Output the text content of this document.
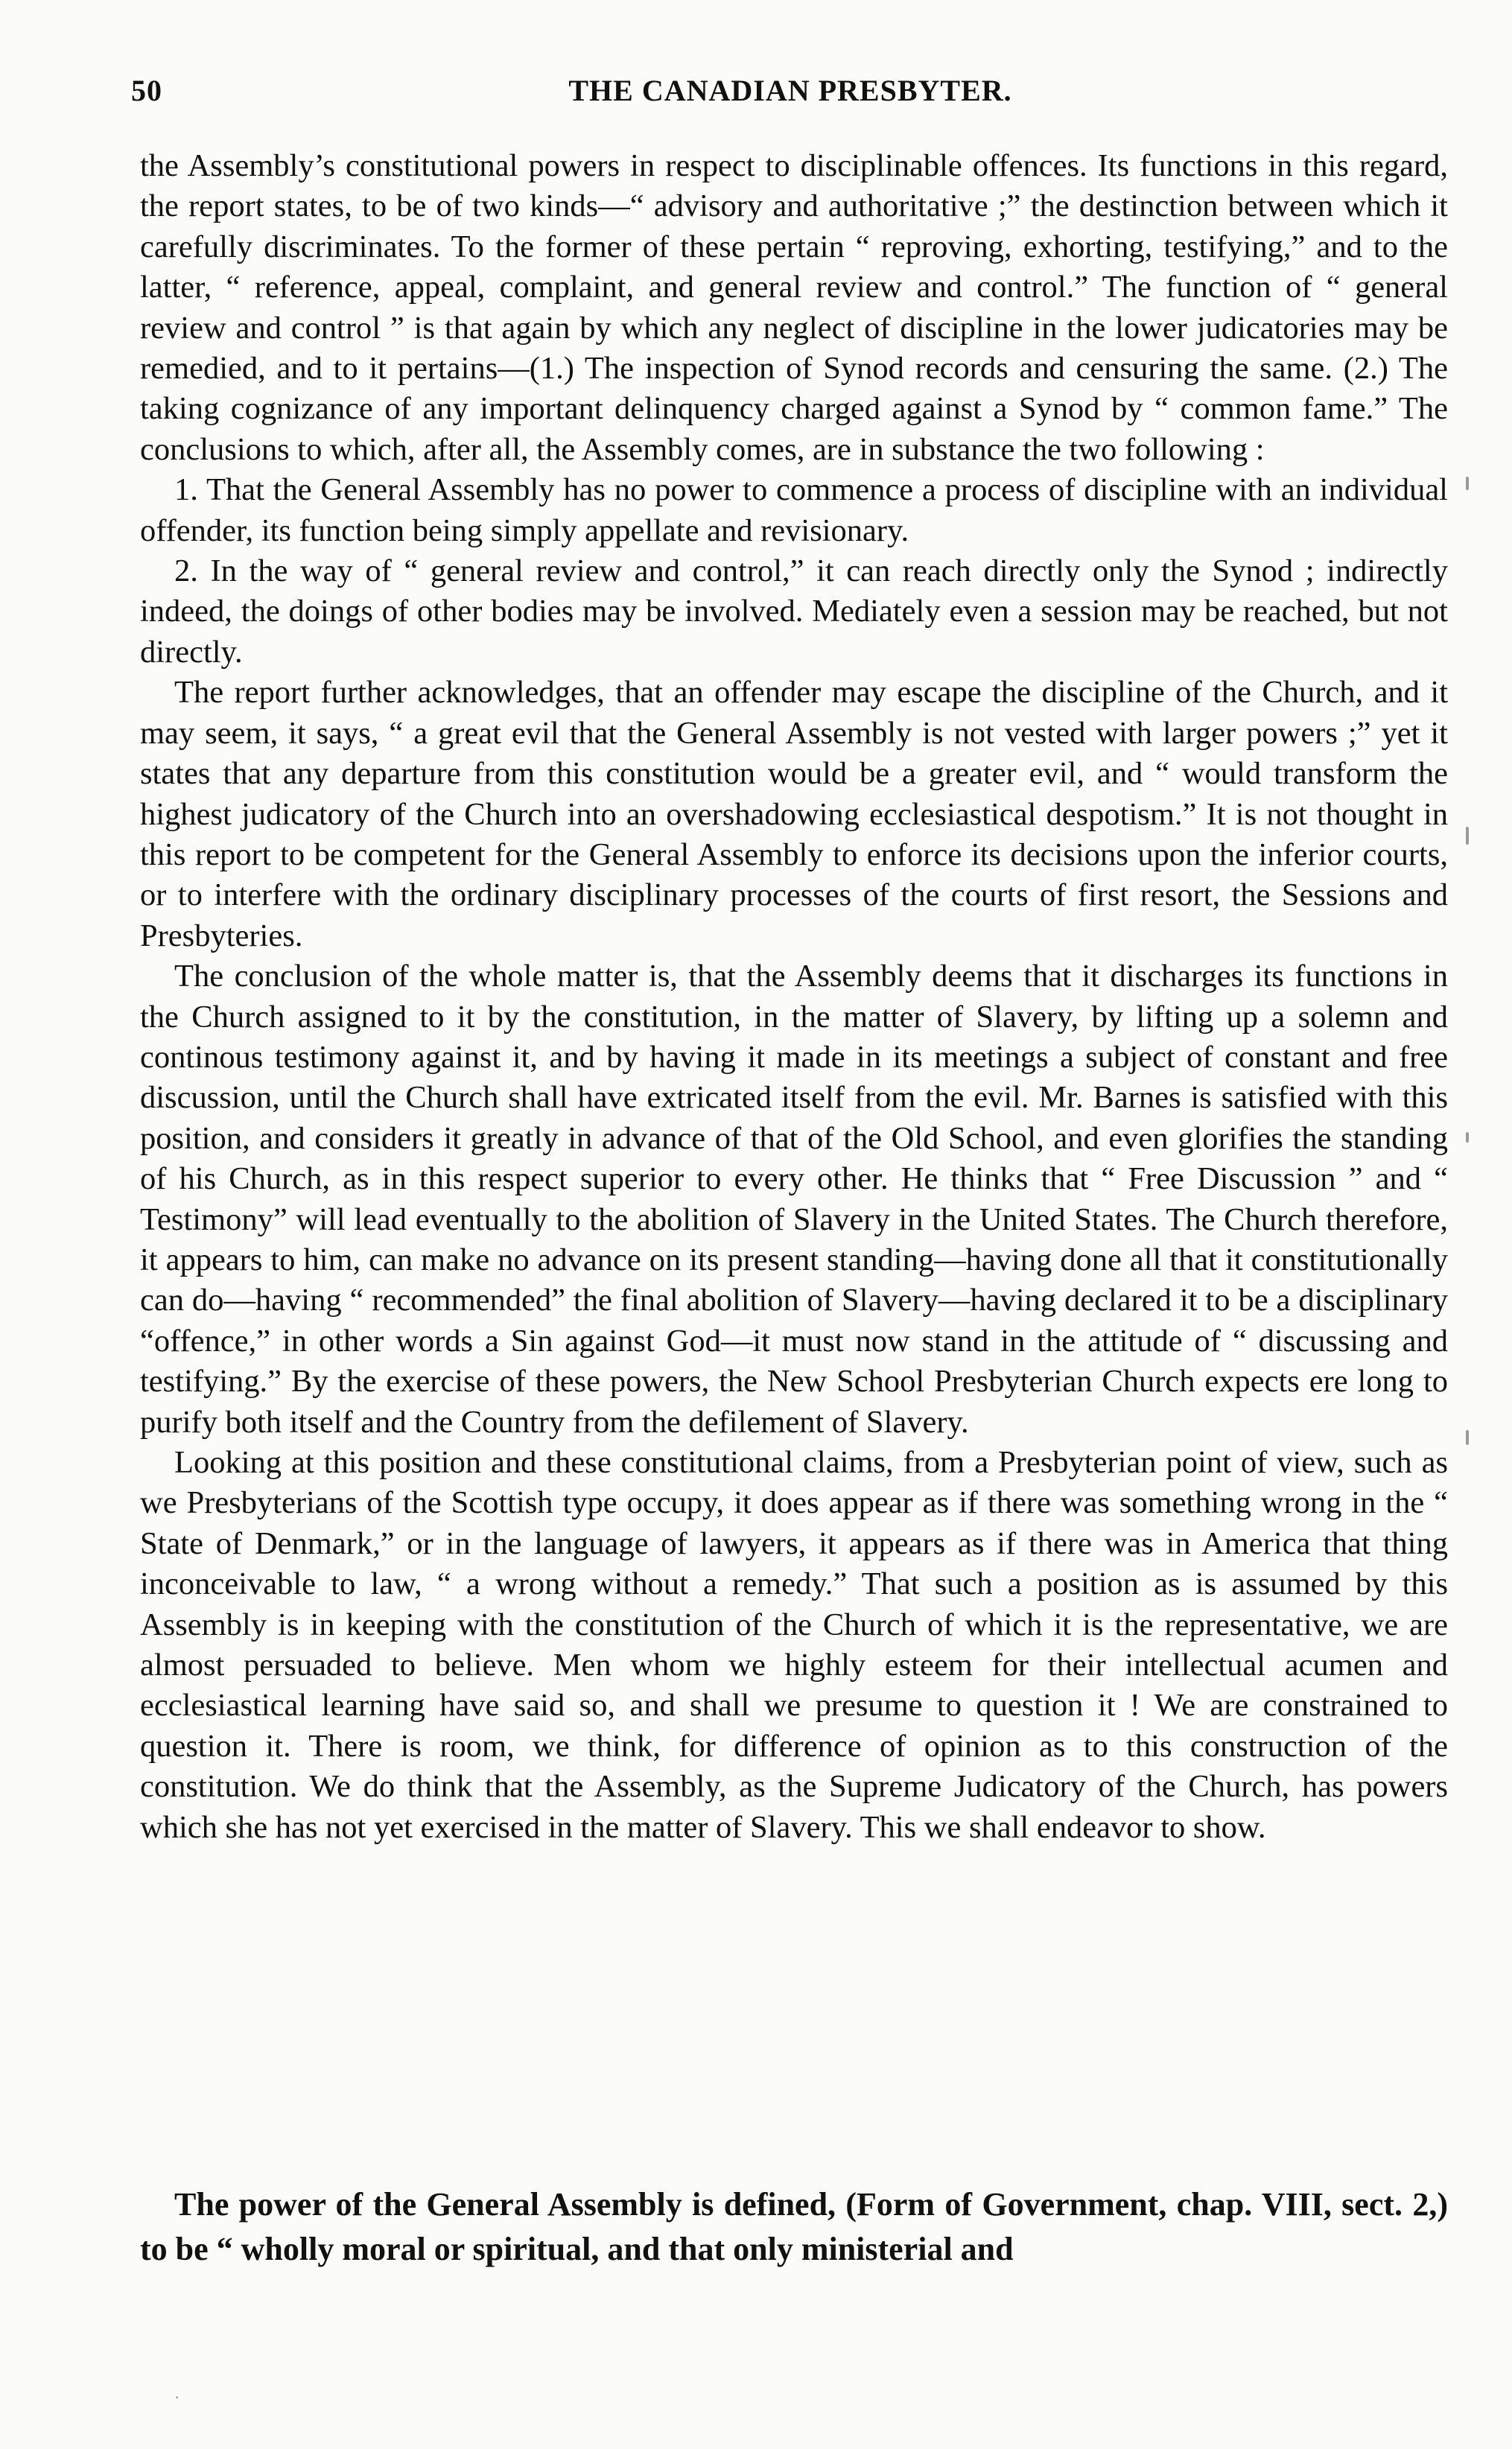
50	THE CANADIAN PRESBYTER.

the Assembly’s constitutional powers in respect to disciplinable offences. Its functions in this regard, the report states, to be of two kinds—“ advisory and authoritative ;” the destinction between which it carefully discriminates. To the former of these pertain “ reproving, exhorting, testifying,” and to the latter, “ reference, appeal, complaint, and general review and control.” The function of “ general review and control ” is that again by which any neglect of discipline in the lower judicatories may be remedied, and to it pertains—(1.) The inspection of Synod records and censuring the same. (2.) The taking cognizance of any important delinquency charged against a Synod by “ common fame.” The conclusions to which, after all, the Assembly comes, are in substance the two following :

1. That the General Assembly has no power to commence a process of discipline with an individual offender, its function being simply appellate and revisionary.

2. In the way of “ general review and control,” it can reach directly only the Synod ; indirectly indeed, the doings of other bodies may be involved. Mediately even a session may be reached, but not directly.

The report further acknowledges, that an offender may escape the discipline of the Church, and it may seem, it says, “ a great evil that the General Assembly is not vested with larger powers ;” yet it states that any departure from this constitution would be a greater evil, and “ would transform the highest judicatory of the Church into an overshadowing ecclesiastical despotism.” It is not thought in this report to be competent for the General Assembly to enforce its decisions upon the inferior courts, or to interfere with the ordinary disciplinary processes of the courts of first resort, the Sessions and Presbyteries.

The conclusion of the whole matter is, that the Assembly deems that it discharges its functions in the Church assigned to it by the constitution, in the matter of Slavery, by lifting up a solemn and continous testimony against it, and by having it made in its meetings a subject of constant and free discussion, until the Church shall have extricated itself from the evil. Mr. Barnes is satisfied with this position, and considers it greatly in advance of that of the Old School, and even glorifies the standing of his Church, as in this respect superior to every other. He thinks that “ Free Discussion ” and “ Testimony” will lead eventually to the abolition of Slavery in the United States. The Church therefore, it appears to him, can make no advance on its present standing—having done all that it constitutionally can do—having “ recommended” the final abolition of Slavery—having declared it to be a disciplinary “offence,” in other words a Sin against God—it must now stand in the attitude of “ discussing and testifying.” By the exercise of these powers, the New School Presbyterian Church expects ere long to purify both itself and the Country from the defilement of Slavery.

Looking at this position and these constitutional claims, from a Presbyterian point of view, such as we Presbyterians of the Scottish type occupy, it does appear as if there was something wrong in the “ State of Denmark,” or in the language of lawyers, it appears as if there was in America that thing inconceivable to law, “ a wrong without a remedy.” That such a position as is assumed by this Assembly is in keeping with the constitution of the Church of which it is the representative, we are almost persuaded to believe. Men whom we highly esteem for their intellectual acumen and ecclesiastical learning have said so, and shall we presume to question it ! We are constrained to question it. There is room, we think, for difference of opinion as to this construction of the constitution. We do think that the Assembly, as the Supreme Judicatory of the Church, has powers which she has not yet exercised in the matter of Slavery. This we shall endeavor to show.

The power of the General Assembly is defined, (Form of Government, chap. VIII, sect. 2,) to be “ wholly moral or spiritual, and that only ministerial and

·
